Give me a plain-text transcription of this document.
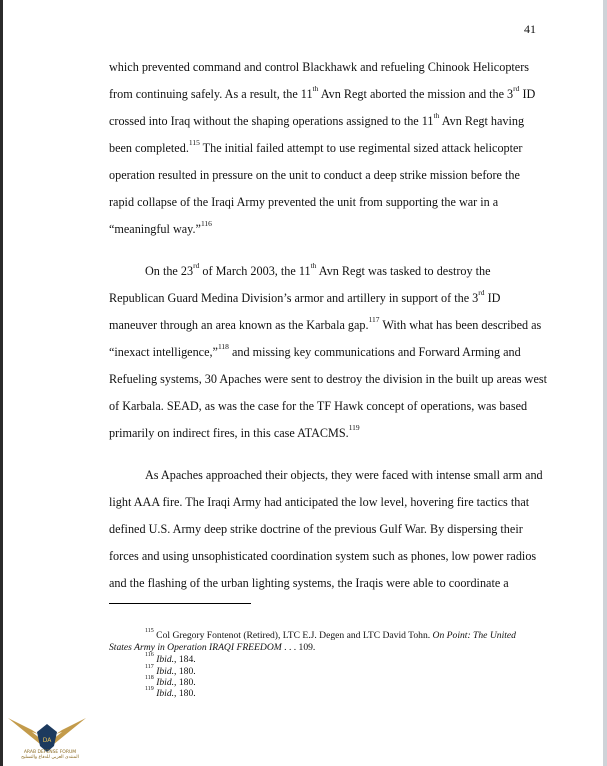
41
which prevented command and control Blackhawk and refueling Chinook Helicopters
from continuing safely. As a result, the 11th Avn Regt aborted the mission and the 3rd ID
crossed into Iraq without the shaping operations assigned to the 11th Avn Regt having
been completed.$^{115}$ The initial failed attempt to use regimental sized attack helicopter
operation resulted in pressure on the unit to conduct a deep strike mission before the
rapid collapse of the Iraqi Army prevented the unit from supporting the war in a
“meaningful way.”$^{116}$
On the 23rd of March 2003, the 11th Avn Regt was tasked to destroy the
Republican Guard Medina Division’s armor and artillery in support of the 3rd ID
maneuver through an area known as the Karbala gap.$^{117}$ With what has been described as
“inexact intelligence,”$^{118}$ and missing key communications and Forward Arming and
Refueling systems, 30 Apaches were sent to destroy the division in the built up areas west
of Karbala. SEAD, as was the case for the TF Hawk concept of operations, was based
primarily on indirect fires, in this case ATACMS.$^{119}$
As Apaches approached their objects, they were faced with intense small arm and
light AAA fire. The Iraqi Army had anticipated the low level, hovering fire tactics that
defined U.S. Army deep strike doctrine of the previous Gulf War. By dispersing their
forces and using unsophisticated coordination system such as phones, low power radios
and the flashing of the urban lighting systems, the Iraqis were able to coordinate a
$^{115}$ Col Gregory Fontenot (Retired), LTC E.J. Degen and LTC David Tohn. On Point: The United
States Army in Operation IRAQI FREEDOM . . . 109.
$^{116}$ Ibid., 184.
$^{117}$ Ibid., 180.
$^{118}$ Ibid., 180.
$^{119}$ Ibid., 180.
DA
ARAB DEFENSE FORUM
المنتدى العربي للدفاع والتسليح
